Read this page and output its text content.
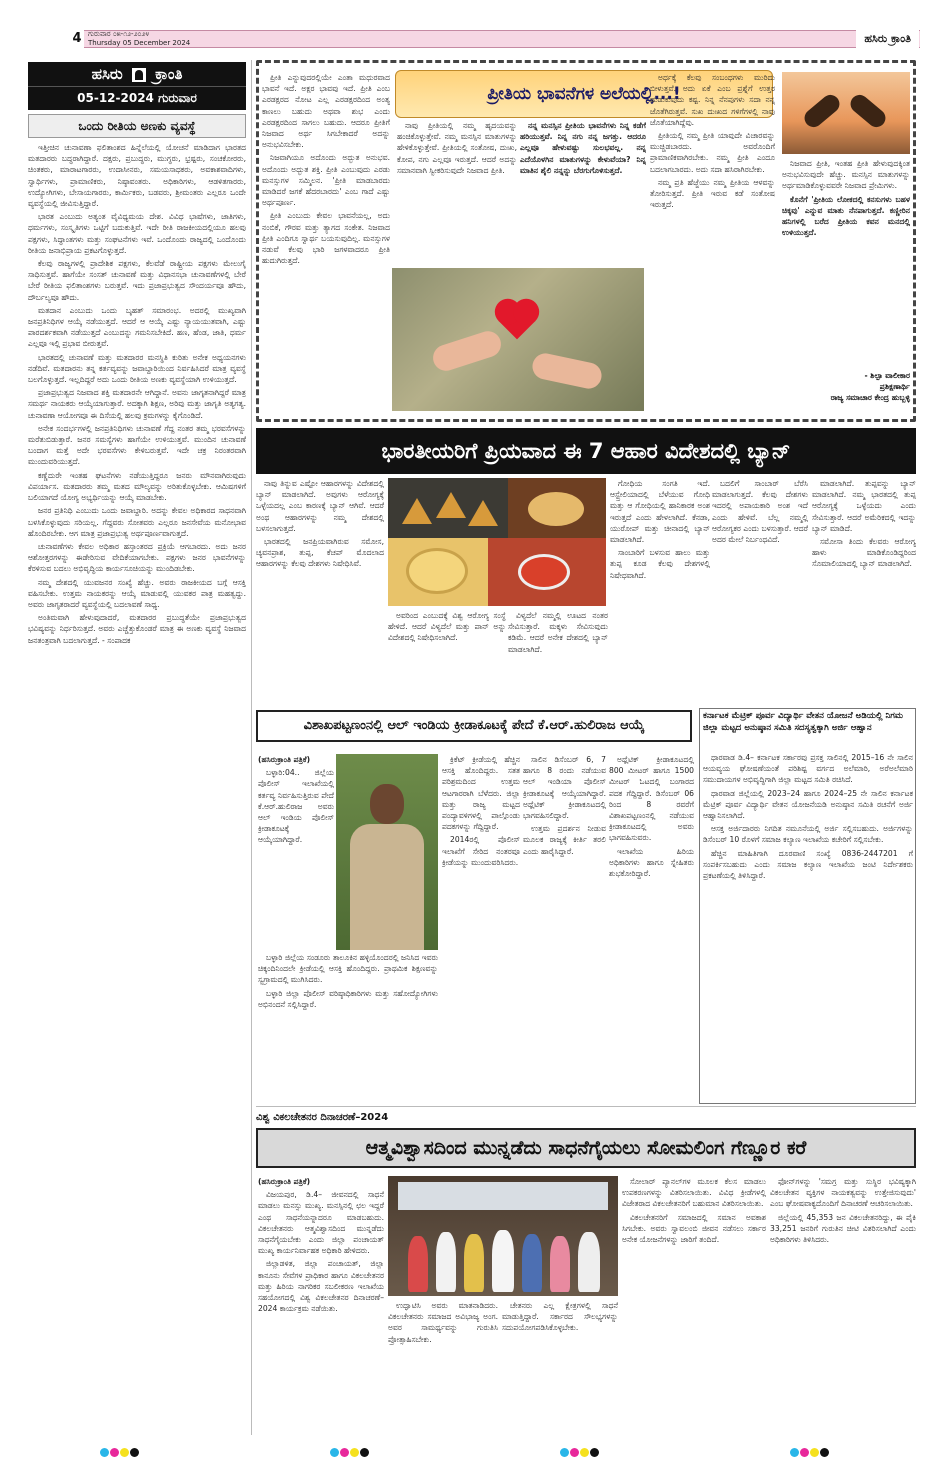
4 ಗುರುವಾರ ೦೫-೧೨-೨೦೨೪
Thursday 05 December 2024	ಹಸಿರು ಕ್ರಾಂತಿ
ಹಸಿರು ಕ್ರಾಂತಿ
05-12-2024 ಗುರುವಾರ
ಒಂದು ರೀತಿಯ ಅಣಕು ವ್ಯವಸ್ಥೆ

ಇತ್ತೀಚಿನ ಚುನಾವಣಾ ಫಲಿತಾಂಶದ ಹಿನ್ನೆಲೆಯಲ್ಲಿ ಯೋಚನೆ ಮಾಡಿದಾಗ ಭಾರತದ ಮತದಾರರು ಬದ್ಧರಾಗಿದ್ದಾರೆ. ದಕ್ಷರು, ಪ್ರಬುದ್ಧರು, ಮುಗ್ಧರು, ಭ್ರಷ್ಟರು, ಸಂಚಕೋರರು, ಚಿಂತಕರು, ಮಾರಾಟಗಾರರು, ಉದಾಸೀನರು, ಸಮಯಸಾಧಕರು, ಅವಕಾಶವಾದಿಗಳು, ಸ್ವಾರ್ಥಿಗಳು, ಪ್ರಾಮಾಣಿಕರು, ನಿಷ್ಠಾವಂತರು. ಅಧಿಕಾರಿಗಳು, ಆಡಳಿತಗಾರರು, ಉದ್ಯೋಗಿಗಳು, ಬೇಸಾಯಗಾರರು, ಕಾರ್ಮಿಕರು, ಬಡವರು, ಶ್ರೀಮಂತರು ಎಲ್ಲರೂ ಒಂದೇ ವ್ಯವಸ್ಥೆಯಲ್ಲಿ ಜೀವಿಸುತ್ತಿದ್ದಾರೆ.

ಭಾರತ ಎಂಬುದು ಅತ್ಯಂತ ವೈವಿಧ್ಯಮಯ ದೇಶ. ವಿವಿಧ ಭಾಷೆಗಳು, ಜಾತಿಗಳು, ಧರ್ಮಗಳು, ಸಂಸ್ಕೃತಿಗಳು ಒಟ್ಟಿಗೆ ಬದುಕುತ್ತಿವೆ. ಇದೇ ರೀತಿ ರಾಜಕೀಯದಲ್ಲಿಯೂ ಹಲವು ಪಕ್ಷಗಳು, ಸಿದ್ಧಾಂತಗಳು ಮತ್ತು ಸಂಘಟನೆಗಳು ಇವೆ. ಒಂದೊಂದು ರಾಜ್ಯದಲ್ಲಿ ಒಂದೊಂದು ರೀತಿಯ ಜನಾಭಿಪ್ರಾಯ ಪ್ರಕಟಗೊಳ್ಳುತ್ತದೆ.

ಕೆಲವು ರಾಜ್ಯಗಳಲ್ಲಿ ಪ್ರಾದೇಶಿಕ ಪಕ್ಷಗಳು, ಕೆಲವೆಡೆ ರಾಷ್ಟ್ರೀಯ ಪಕ್ಷಗಳು ಮೇಲುಗೈ ಸಾಧಿಸುತ್ತವೆ. ಹಾಗೆಯೇ ಸಂಸತ್ ಚುನಾವಣೆ ಮತ್ತು ವಿಧಾನಸಭಾ ಚುನಾವಣೆಗಳಲ್ಲಿ ಬೇರೆ ಬೇರೆ ರೀತಿಯ ಫಲಿತಾಂಶಗಳು ಬರುತ್ತವೆ. ಇದು ಪ್ರಜಾಪ್ರಭುತ್ವದ ಸೌಂದರ್ಯವೂ ಹೌದು, ದೌರ್ಬಲ್ಯವೂ ಹೌದು.

ಮತದಾನ ಎಂಬುದು ಒಂದು ಬೃಹತ್ ಸಮಾರಂಭ. ಅದರಲ್ಲಿ ಮುಖ್ಯವಾಗಿ ಜನಪ್ರತಿನಿಧಿಗಳ ಆಯ್ಕೆ ನಡೆಯುತ್ತದೆ. ಆದರೆ ಆ ಆಯ್ಕೆ ಎಷ್ಟು ನ್ಯಾಯಯುತವಾಗಿ, ಎಷ್ಟು ಪಾರದರ್ಶಕವಾಗಿ ನಡೆಯುತ್ತದೆ ಎಂಬುದನ್ನು ಗಮನಿಸಬೇಕಿದೆ. ಹಣ, ಹೆಂಡ, ಜಾತಿ, ಧರ್ಮ ಎಲ್ಲವೂ ಇಲ್ಲಿ ಪ್ರಭಾವ ಬೀರುತ್ತವೆ.

ಭಾರತದಲ್ಲಿ ಚುನಾವಣೆ ಮತ್ತು ಮತದಾರರ ಮನಸ್ಥಿತಿ ಕುರಿತು ಅನೇಕ ಅಧ್ಯಯನಗಳು ನಡೆದಿವೆ. ಮತದಾರನು ತನ್ನ ಕರ್ತವ್ಯವನ್ನು ಜವಾಬ್ದಾರಿಯಿಂದ ನಿರ್ವಹಿಸಿದರೆ ಮಾತ್ರ ವ್ಯವಸ್ಥೆ ಬಲಗೊಳ್ಳುತ್ತದೆ. ಇಲ್ಲದಿದ್ದರೆ ಅದು ಒಂದು ರೀತಿಯ ಅಣಕು ವ್ಯವಸ್ಥೆಯಾಗಿ ಉಳಿಯುತ್ತದೆ.

ಪ್ರಜಾಪ್ರಭುತ್ವದ ನಿಜವಾದ ಶಕ್ತಿ ಮತದಾರನೇ ಆಗಿದ್ದಾನೆ. ಅವನು ಜಾಗೃತನಾಗಿದ್ದರೆ ಮಾತ್ರ ಸಮರ್ಥ ನಾಯಕರು ಆಯ್ಕೆಯಾಗುತ್ತಾರೆ. ಅದಕ್ಕಾಗಿ ಶಿಕ್ಷಣ, ಅರಿವು ಮತ್ತು ಜಾಗೃತಿ ಅತ್ಯಗತ್ಯ. ಚುನಾವಣಾ ಆಯೋಗವೂ ಈ ದಿಸೆಯಲ್ಲಿ ಹಲವು ಕ್ರಮಗಳನ್ನು ಕೈಗೊಂಡಿದೆ.

ಅನೇಕ ಸಂದರ್ಭಗಳಲ್ಲಿ ಜನಪ್ರತಿನಿಧಿಗಳು ಚುನಾವಣೆ ಗೆದ್ದ ನಂತರ ತಮ್ಮ ಭರವಸೆಗಳನ್ನು ಮರೆತುಬಿಡುತ್ತಾರೆ. ಜನರ ಸಮಸ್ಯೆಗಳು ಹಾಗೆಯೇ ಉಳಿಯುತ್ತವೆ. ಮುಂದಿನ ಚುನಾವಣೆ ಬಂದಾಗ ಮತ್ತೆ ಅದೇ ಭರವಸೆಗಳು ಕೇಳಿಬರುತ್ತವೆ. ಇದೇ ಚಕ್ರ ನಿರಂತರವಾಗಿ ಮುಂದುವರಿಯುತ್ತದೆ.

ಕಣ್ಣೆದುರೇ ಇಂತಹ ಘಟನೆಗಳು ನಡೆಯುತ್ತಿದ್ದರೂ ಜನರು ಮೌನವಾಗಿರುವುದು ವಿಪರ್ಯಾಸ. ಮತದಾರರು ತಮ್ಮ ಮತದ ಮೌಲ್ಯವನ್ನು ಅರಿತುಕೊಳ್ಳಬೇಕು. ಆಮಿಷಗಳಿಗೆ ಬಲಿಯಾಗದೆ ಯೋಗ್ಯ ಅಭ್ಯರ್ಥಿಯನ್ನು ಆಯ್ಕೆ ಮಾಡಬೇಕು.

ಜನರ ಪ್ರತಿನಿಧಿ ಎಂಬುದು ಒಂದು ಜವಾಬ್ದಾರಿ. ಅದನ್ನು ಕೇವಲ ಅಧಿಕಾರದ ಸಾಧನವಾಗಿ ಬಳಸಿಕೊಳ್ಳುವುದು ಸರಿಯಲ್ಲ. ಗೆದ್ದವರು ಸೋತವರು ಎಲ್ಲರೂ ಜನಸೇವೆಯ ಮನೋಭಾವ ಹೊಂದಿರಬೇಕು. ಆಗ ಮಾತ್ರ ಪ್ರಜಾಪ್ರಭುತ್ವ ಅರ್ಥಪೂರ್ಣವಾಗುತ್ತದೆ.

ಚುನಾವಣೆಗಳು ಕೇವಲ ಅಧಿಕಾರ ಹಸ್ತಾಂತರದ ಪ್ರಕ್ರಿಯೆ ಆಗಬಾರದು. ಅದು ಜನರ ಆಶೋತ್ತರಗಳನ್ನು ಈಡೇರಿಸುವ ವೇದಿಕೆಯಾಗಬೇಕು. ಪಕ್ಷಗಳು ಜನರ ಭಾವನೆಗಳನ್ನು ಕೆರಳಿಸುವ ಬದಲು ಅಭಿವೃದ್ಧಿಯ ಕಾರ್ಯಸೂಚಿಯನ್ನು ಮುಂದಿಡಬೇಕು.

ನಮ್ಮ ದೇಶದಲ್ಲಿ ಯುವಜನರ ಸಂಖ್ಯೆ ಹೆಚ್ಚು. ಅವರು ರಾಜಕೀಯದ ಬಗ್ಗೆ ಆಸಕ್ತಿ ವಹಿಸಬೇಕು. ಉತ್ತಮ ನಾಯಕರನ್ನು ಆಯ್ಕೆ ಮಾಡುವಲ್ಲಿ ಯುವಕರ ಪಾತ್ರ ಮಹತ್ವದ್ದು. ಅವರು ಜಾಗೃತರಾದರೆ ವ್ಯವಸ್ಥೆಯಲ್ಲಿ ಬದಲಾವಣೆ ಸಾಧ್ಯ.

ಅಂತಿಮವಾಗಿ ಹೇಳುವುದಾದರೆ, ಮತದಾರರ ಪ್ರಬುದ್ಧತೆಯೇ ಪ್ರಜಾಪ್ರಭುತ್ವದ ಭವಿಷ್ಯವನ್ನು ನಿರ್ಧರಿಸುತ್ತದೆ. ಅವರು ಎಚ್ಚೆತ್ತುಕೊಂಡರೆ ಮಾತ್ರ ಈ ಅಣಕು ವ್ಯವಸ್ಥೆ ನಿಜವಾದ ಜನತಂತ್ರವಾಗಿ ಬದಲಾಗುತ್ತದೆ. - ಸಂಪಾದಕ

ಪ್ರೀತಿಯ ಭಾವನೆಗಳ ಅಲೆಯಲ್ಲಿ...!

ಪ್ರೀತಿ ಎನ್ನುವುದರಲ್ಲಿಯೇ ಎಂತಾ ಮಧುರವಾದ ಭಾವನೆ ಇದೆ. ಅಕ್ಷರ ಭಾವವು ಇದೆ. ಪ್ರೀತಿ ಎಂಬ ಎರಡಕ್ಷರದ ನೋಟ ಎಲ್ಲ ಎರಡಕ್ಷರದಿಂದ ಅಂತ್ಯ ಕಾಣಲು ಬಹುದು ಅಥವಾ ಶುಭ ಎಂದು ಎರಡಕ್ಷರದಿಂದ ಸಾಗಲು ಬಹುದು. ಆದರೂ ಪ್ರೀತಿಗೆ ನಿಜವಾದ ಅರ್ಥ ಸಿಗಬೇಕಾದರೆ ಅದನ್ನು ಅನುಭವಿಸಬೇಕು.

ನಿಜವಾಗಿಯೂ ಅದೊಂದು ಅದ್ಭುತ ಅನುಭವ. ಅದೊಂದು ಅದ್ಭುತ ಶಕ್ತಿ. ಪ್ರೀತಿ ಎಂಬುವುದು ಎರಡು ಮನಸ್ಸುಗಳ ಸಮ್ಮಿಲನ. 'ಪ್ರೀತಿ ಮಾಡಬಾರದು ಮಾಡಿದರೆ ಜಗಕೆ ಹೆದರಬಾರದು' ಎಂಬ ಗಾದೆ ಎಷ್ಟು ಅರ್ಥಪೂರ್ಣ.

ಪ್ರೀತಿ ಎಂಬುದು ಕೇವಲ ಭಾವನೆಯಲ್ಲ, ಅದು ನಂಬಿಕೆ, ಗೌರವ ಮತ್ತು ತ್ಯಾಗದ ಸಂಕೇತ. ನಿಜವಾದ ಪ್ರೀತಿ ಎಂದಿಗೂ ಸ್ವಾರ್ಥ ಬಯಸುವುದಿಲ್ಲ. ಮನಸ್ಸುಗಳ ನಡುವೆ ಕೆಲವು ಭಾರಿ ಜಗಳವಾದರೂ ಪ್ರೀತಿ ಹುದುಗಿರುತ್ತದೆ.

ನಾವು ಪ್ರೀತಿಯಲ್ಲಿ ನಮ್ಮ ಹೃದಯವನ್ನು ಹಂಚಿಕೊಳ್ಳುತ್ತೇವೆ. ನಮ್ಮ ಮನಸ್ಸಿನ ಮಾತುಗಳನ್ನು ಹೇಳಿಕೊಳ್ಳುತ್ತೇವೆ. ಪ್ರೀತಿಯಲ್ಲಿ ಸಂತೋಷ, ದುಃಖ, ಕೋಪ, ನಗು ಎಲ್ಲವೂ ಇರುತ್ತದೆ. ಆದರೆ ಅದನ್ನು ಸಮಾನವಾಗಿ ಸ್ವೀಕರಿಸುವುದೇ ನಿಜವಾದ ಪ್ರೀತಿ.

ನನ್ನ ಮನಸ್ಸಿನ ಪ್ರೀತಿಯ ಭಾವನೆಗಳು ನಿನ್ನ ಕಡೆಗೆ ಹರಿಯುತ್ತವೆ. ನಿನ್ನ ನಗು ನನ್ನ ಜಗತ್ತು. ಆದರೂ ಎಲ್ಲವೂ ಹೇಳುವಷ್ಟು ಸುಲಭವಲ್ಲ. ನನ್ನ ಎದೆಯೊಳಗಿನ ಮಾತುಗಳನ್ನು ಕೇಳುವೆಯಾ? ನಿನ್ನ ಮಾತಿನ ಶೈಲಿ ನನ್ನನ್ನು ಬೆರಗುಗೊಳಿಸುತ್ತದೆ.

ಅರ್ಧಕ್ಕೆ ಕೆಲವು ಸಂಬಂಧಗಳು ಮುರಿದು ಬೀಳುತ್ತವೆ. ಅದು ಏಕೆ ಎಂಬ ಪ್ರಶ್ನೆಗೆ ಉತ್ತರ ಹುಡುಕುವುದು ಕಷ್ಟ. ನಿನ್ನ ನೆನಪುಗಳು ಸದಾ ನನ್ನ ಜೊತೆಗಿರುತ್ತವೆ. ಸುಖ ದುಃಖದ ಗಳಿಗೆಗಳಲ್ಲಿ ನಾವು ಜೊತೆಯಾಗಿದ್ದೆವು.

ಪ್ರೀತಿಯಲ್ಲಿ ನಮ್ಮ ಪ್ರೀತಿ ಯಾವುದೇ ವಿಚಾರವನ್ನು ಮುಚ್ಚಿಡಬಾರದು. ಅವರೊಂದಿಗೆ ಪ್ರಾಮಾಣಿಕವಾಗಿರಬೇಕು. ನಮ್ಮ ಪ್ರೀತಿ ಎಂದೂ ಬದಲಾಗಬಾರದು. ಅದು ಸದಾ ಹಸಿರಾಗಿರಬೇಕು.

ನಮ್ಮ ಪ್ರತಿ ಹೆಜ್ಜೆಯು ನಮ್ಮ ಪ್ರೀತಿಯ ಆಳವನ್ನು ತೋರಿಸುತ್ತದೆ. ಪ್ರೀತಿ ಇರುವ ಕಡೆ ಸಂತೋಷ ಇರುತ್ತದೆ.

ನಿಜವಾದ ಪ್ರೀತಿ, ಇಂತಹ ಪ್ರೀತಿ ಹೇಳುವುದಕ್ಕಿಂತ ಅನುಭವಿಸುವುದೇ ಹೆಚ್ಚು. ಮನಸ್ಸಿನ ಮಾತುಗಳನ್ನು ಅರ್ಥಮಾಡಿಕೊಳ್ಳುವವರೇ ನಿಜವಾದ ಪ್ರೇಮಿಗಳು.

ಕೊನೆಗೆ 'ಪ್ರೀತಿಯ ಲೋಕದಲ್ಲಿ ಕನಸುಗಳು ಬಹಳ ಚಿಕ್ಕವು' ಎನ್ನುವ ಮಾತು ನೆನಪಾಗುತ್ತದೆ. ಕಣ್ಣೀರಿನ ಹನಿಗಳಲ್ಲಿ ಬರೆದ ಪ್ರೀತಿಯ ಕವನ ಮನದಲ್ಲಿ ಉಳಿಯುತ್ತದೆ.

- ಶಿಲ್ಪಾ ವಾಲೀಕಾರ
ಪ್ರಶಿಕ್ಷಣಾರ್ಥಿ
ರಾಜ್ಯ ಸಮಾಚಾರ ಕೇಂದ್ರ ಹುಬ್ಬಳ್ಳಿ
ಭಾರತೀಯರಿಗೆ ಪ್ರಿಯವಾದ ಈ 7 ಆಹಾರ ವಿದೇಶದಲ್ಲಿ ಬ್ಯಾನ್

ನಾವು ತಿನ್ನುವ ಎಷ್ಟೋ ಆಹಾರಗಳನ್ನು ವಿದೇಶದಲ್ಲಿ ಬ್ಯಾನ್ ಮಾಡಲಾಗಿದೆ. ಅವುಗಳು ಆರೋಗ್ಯಕ್ಕೆ ಒಳ್ಳೆಯದಲ್ಲ ಎಂಬ ಕಾರಣಕ್ಕೆ ಬ್ಯಾನ್ ಆಗಿವೆ. ಆದರೆ ಅಂಥ ಆಹಾರಗಳನ್ನು ನಮ್ಮ ದೇಶದಲ್ಲಿ ಬಳಸಲಾಗುತ್ತದೆ.

ಭಾರತದಲ್ಲಿ ಜನಪ್ರಿಯವಾಗಿರುವ ಸಮೋಸ, ಚ್ಯವನಪ್ರಾಶ, ತುಪ್ಪ, ಕೆಚಪ್ ಮೊದಲಾದ ಆಹಾರಗಳನ್ನು ಕೆಲವು ದೇಶಗಳು ನಿಷೇಧಿಸಿವೆ.

ಅವರಿಂದ ಎಂಬುದಕ್ಕೆ ವಿಶ್ವ ಆರೋಗ್ಯ ಸಂಸ್ಥೆ ಹೇಳಿದೆ. ಆದರೆ ವಿಳ್ಯದೆಲೆ ಮತ್ತು ಪಾನ್ ಅನ್ನು ವಿದೇಶದಲ್ಲಿ ನಿಷೇಧಿಸಲಾಗಿದೆ.

ವಿಳ್ಯದೆಲೆ ನಮ್ಮಲ್ಲಿ ಊಟದ ನಂತರ ಸೇವಿಸುತ್ತಾರೆ. ಮಕ್ಕಳು ಸೇವಿಸುವುದು ಕಡಿಮೆ. ಆದರೆ ಅನೇಕ ದೇಶದಲ್ಲಿ ಬ್ಯಾನ್ ಮಾಡಲಾಗಿದೆ.

ಗೋಧಿಯ ಸಂಗತಿ ಇದೆ. ಆಸ್ಟ್ರೇಲಿಯಾದಲ್ಲಿ ಬೆಳೆಯುವ ಗೋಧಿ ಮತ್ತು ಆ ಗೋಧಿಯಲ್ಲಿ ಹಾನಿಕಾರಕ ಅಂಶ ಇರುತ್ತದೆ ಎಂದು ಹೇಳಲಾಗಿದೆ. ಕೆನಡಾ, ಯುರೋಪ್ ಮತ್ತು ಚೀನಾದಲ್ಲಿ ಬ್ಯಾನ್ ಮಾಡಲಾಗಿದೆ.

ಸಾಂಬಾರಿಗೆ ಬಳಸುವ ಹಾಲು ಮತ್ತು ತುಪ್ಪ ಕೂಡ ಕೆಲವು ದೇಶಗಳಲ್ಲಿ ನಿಷೇಧವಾಗಿದೆ.

ಬದಲಿಗೆ ಸಾಂಬಾರ್ ಬೆರೆಸಿ ಮಾಡಲಾಗುತ್ತದೆ. ಕೆಲವು ದೇಶಗಳು ಇದರಲ್ಲಿ ಅಪಾಯಕಾರಿ ಅಂಶ ಇದೆ ಎಂದು ಹೇಳಿವೆ. ಬೆಲ್ಲ ನಮ್ಮಲ್ಲಿ ಆರೋಗ್ಯಕರ ಎಂದು ಬಳಸುತ್ತಾರೆ. ಆದರೆ ಅದರ ಮೇಲೆ ನಿರ್ಬಂಧವಿದೆ.

ಮಾಡಲಾಗಿದೆ. ತುಪ್ಪವನ್ನು ಬ್ಯಾನ್ ಮಾಡಲಾಗಿದೆ. ನಮ್ಮ ಭಾರತದಲ್ಲಿ ತುಪ್ಪ ಆರೋಗ್ಯಕ್ಕೆ ಒಳ್ಳೆಯದು ಎಂದು ಸೇವಿಸುತ್ತಾರೆ. ಆದರೆ ಅಮೆರಿಕದಲ್ಲಿ ಇದನ್ನು ಬ್ಯಾನ್ ಮಾಡಿದೆ.

ಸಮೋಸಾ ತಿಂದು ಕೆಲವರು ಆರೋಗ್ಯ ಹಾಳು ಮಾಡಿಕೊಂಡಿದ್ದರಿಂದ ಸೊಮಾಲಿಯಾದಲ್ಲಿ ಬ್ಯಾನ್ ಮಾಡಲಾಗಿದೆ.

ವಿಶಾಖಪಟ್ಟಣಂನಲ್ಲಿ ಆಲ್ ಇಂಡಿಯ ಕ್ರೀಡಾಕೂಟಕ್ಕೆ ಪೇದೆ ಕೆ.ಆರ್.ಹುಲಿರಾಜ ಆಯ್ಕೆ

(ಹಸಿರುಕ್ರಾಂತಿ ಪತ್ರಿಕೆ)

ಬಳ್ಳಾರಿ:04.. ಜಿಲ್ಲೆಯ ಪೊಲೀಸ್ ಇಲಾಖೆಯಲ್ಲಿ ಕರ್ತವ್ಯ ನಿರ್ವಹಿಸುತ್ತಿರುವ ಪೇದೆ ಕೆ.ಆರ್.ಹುಲಿರಾಜ ಅವರು ಆಲ್ ಇಂಡಿಯ ಪೊಲೀಸ್ ಕ್ರೀಡಾಕೂಟಕ್ಕೆ ಆಯ್ಕೆಯಾಗಿದ್ದಾರೆ.

ಬಳ್ಳಾರಿ ಜಿಲ್ಲೆಯ ಸಂಡೂರು ತಾಲೂಕಿನ ಹಳ್ಳಿಯೊಂದರಲ್ಲಿ ಜನಿಸಿದ ಇವರು ಚಿಕ್ಕಂದಿನಿಂದಲೇ ಕ್ರೀಡೆಯಲ್ಲಿ ಆಸಕ್ತಿ ಹೊಂದಿದ್ದರು. ಪ್ರಾಥಮಿಕ ಶಿಕ್ಷಣವನ್ನು ಸ್ವಗ್ರಾಮದಲ್ಲಿ ಮುಗಿಸಿದರು.

ಬಳ್ಳಾರಿ ಜಿಲ್ಲಾ ಪೊಲೀಸ್ ವರಿಷ್ಠಾಧಿಕಾರಿಗಳು ಮತ್ತು ಸಹೋದ್ಯೋಗಿಗಳು ಅಭಿನಂದನೆ ಸಲ್ಲಿಸಿದ್ದಾರೆ.

ಕ್ರಿಕೆಟ್ ಕ್ರೀಡೆಯಲ್ಲಿ ಹೆಚ್ಚಿನ ಆಸಕ್ತಿ ಹೊಂದಿದ್ದರು. ಸತತ ಪರಿಶ್ರಮದಿಂದ ಉತ್ತಮ ಆಟಗಾರರಾಗಿ ಬೆಳೆದರು. ಜಿಲ್ಲಾ ಮತ್ತು ರಾಜ್ಯ ಮಟ್ಟದ ಪಂದ್ಯಾವಳಿಗಳಲ್ಲಿ ಪಾಲ್ಗೊಂಡು ಪದಕಗಳನ್ನು ಗೆದ್ದಿದ್ದಾರೆ.

2014ರಲ್ಲಿ ಪೊಲೀಸ್ ಇಲಾಖೆಗೆ ಸೇರಿದ ನಂತರವೂ ಕ್ರೀಡೆಯನ್ನು ಮುಂದುವರಿಸಿದರು.

ಸಾಲಿನ ಡಿಸೆಂಬರ್ 6, 7 ಹಾಗೂ 8 ರಂದು ನಡೆಯುವ ಆಲ್ ಇಂಡಿಯಾ ಪೊಲೀಸ್ ಕ್ರೀಡಾಕೂಟಕ್ಕೆ ಆಯ್ಕೆಯಾಗಿದ್ದಾರೆ. ಅಥ್ಲೆಟಿಕ್ ಕ್ರೀಡಾಕೂಟದಲ್ಲಿ ಭಾಗವಹಿಸಲಿದ್ದಾರೆ.

ಉತ್ತಮ ಪ್ರದರ್ಶನ ನೀಡುವ ಮೂಲಕ ರಾಜ್ಯಕ್ಕೆ ಕೀರ್ತಿ ತರಲಿ ಎಂದು ಹಾರೈಸಿದ್ದಾರೆ.

ಅಥ್ಲೆಟಿಕ್ ಕ್ರೀಡಾಕೂಟದಲ್ಲಿ 800 ಮೀಟರ್ ಹಾಗೂ 1500 ಮೀಟರ್ ಓಟದಲ್ಲಿ ಬಂಗಾರದ ಪದಕ ಗೆದ್ದಿದ್ದಾರೆ. ಡಿಸೆಂಬರ್ 06 ರಿಂದ 8 ರವರೆಗೆ ವಿಶಾಖಪಟ್ಟಣಂನಲ್ಲಿ ನಡೆಯುವ ಕ್ರೀಡಾಕೂಟದಲ್ಲಿ ಅವರು ಭಾಗವಹಿಸುವರು.

ಇಲಾಖೆಯ ಹಿರಿಯ ಅಧಿಕಾರಿಗಳು ಹಾಗೂ ಸ್ನೇಹಿತರು ಶುಭಕೋರಿದ್ದಾರೆ.

ಕರ್ನಾಟಕ ಮೆಟ್ರಿಕ್ ಪೂರ್ವ ವಿದ್ಯಾರ್ಥಿ ವೇತನ ಯೋಜನೆ ಅಡಿಯಲ್ಲಿ ನಿಗಮ ಜಿಲ್ಲಾ ಮಟ್ಟದ ಅನುಷ್ಠಾನ ಸಮಿತಿ ಸದಸ್ಯತ್ವಕ್ಕಾಗಿ ಅರ್ಜಿ ಆಹ್ವಾನ

ಧಾರವಾಡ ಡಿ.4– ಕರ್ನಾಟಕ ಸರ್ಕಾರವು ಪ್ರಸಕ್ತ ಸಾಲಿನಲ್ಲಿ 2015–16 ನೇ ಸಾಲಿನ ಆಯವ್ಯಯ ಘೋಷಣೆಯಂತೆ ಪರಿಶಿಷ್ಟ ವರ್ಗದ ಅಲೆಮಾರಿ, ಅರೆಅಲೆಮಾರಿ ಸಮುದಾಯಗಳ ಅಭಿವೃದ್ಧಿಗಾಗಿ ಜಿಲ್ಲಾ ಮಟ್ಟದ ಸಮಿತಿ ರಚಿಸಿದೆ.

ಧಾರವಾಡ ಜಿಲ್ಲೆಯಲ್ಲಿ 2023–24 ಹಾಗೂ 2024–25 ನೇ ಸಾಲಿನ ಕರ್ನಾಟಕ ಮೆಟ್ರಿಕ್ ಪೂರ್ವ ವಿದ್ಯಾರ್ಥಿ ವೇತನ ಯೋಜನೆಯಡಿ ಅನುಷ್ಠಾನ ಸಮಿತಿ ರಚನೆಗೆ ಅರ್ಜಿ ಆಹ್ವಾನಿಸಲಾಗಿದೆ.

ಆಸಕ್ತ ಅರ್ಜಿದಾರರು ನಿಗದಿತ ನಮೂನೆಯಲ್ಲಿ ಅರ್ಜಿ ಸಲ್ಲಿಸಬಹುದು. ಅರ್ಜಿಗಳನ್ನು ಡಿಸೆಂಬರ್ 10 ರೊಳಗೆ ಸಮಾಜ ಕಲ್ಯಾಣ ಇಲಾಖೆಯ ಕಚೇರಿಗೆ ಸಲ್ಲಿಸಬೇಕು.

ಹೆಚ್ಚಿನ ಮಾಹಿತಿಗಾಗಿ ದೂರವಾಣಿ ಸಂಖ್ಯೆ 0836-2447201 ಗೆ ಸಂಪರ್ಕಿಸಬಹುದು ಎಂದು ಸಮಾಜ ಕಲ್ಯಾಣ ಇಲಾಖೆಯ ಜಂಟಿ ನಿರ್ದೇಶಕರು ಪ್ರಕಟಣೆಯಲ್ಲಿ ತಿಳಿಸಿದ್ದಾರೆ.

ವಿಶ್ವ ವಿಕಲಚೇತನರ ದಿನಾಚರಣೆ–2024
ಆತ್ಮವಿಶ್ವಾಸದಿಂದ ಮುನ್ನಡೆದು ಸಾಧನೆಗೈಯಲು ಸೋಮಲಿಂಗ ಗೆಣ್ಣೂರ ಕರೆ

(ಹಸಿರುಕ್ರಾಂತಿ ಪತ್ರಿಕೆ)

ವಿಜಯಪುರ, ಡಿ.4– ಜೀವನದಲ್ಲಿ ಸಾಧನೆ ಮಾಡಲು ಮನಸ್ಸು ಮುಖ್ಯ. ಮನಸ್ಸಿನಲ್ಲಿ ಛಲ ಇದ್ದರೆ ಎಂಥ ಸಾಧನೆಯನ್ನಾದರೂ ಮಾಡಬಹುದು. ವಿಕಲಚೇತನರು ಆತ್ಮವಿಶ್ವಾಸದಿಂದ ಮುನ್ನಡೆದು ಸಾಧನೆಗೈಯಬೇಕು ಎಂದು ಜಿಲ್ಲಾ ಪಂಚಾಯತ್ ಮುಖ್ಯ ಕಾರ್ಯನಿರ್ವಾಹಕ ಅಧಿಕಾರಿ ಹೇಳಿದರು.

ಜಿಲ್ಲಾಡಳಿತ, ಜಿಲ್ಲಾ ಪಂಚಾಯತ್, ಜಿಲ್ಲಾ ಕಾನೂನು ಸೇವೆಗಳ ಪ್ರಾಧಿಕಾರ ಹಾಗೂ ವಿಕಲಚೇತನರ ಮತ್ತು ಹಿರಿಯ ನಾಗರಿಕರ ಸಬಲೀಕರಣ ಇಲಾಖೆಯ ಸಹಯೋಗದಲ್ಲಿ ವಿಶ್ವ ವಿಕಲಚೇತನರ ದಿನಾಚರಣೆ–2024 ಕಾರ್ಯಕ್ರಮ ನಡೆಯಿತು.	ಉದ್ಘಾಟಿಸಿ ಅವರು ಮಾತನಾಡಿದರು. ವಿಕಲಚೇತನರು ಸಮಾಜದ ಅವಿಭಾಜ್ಯ ಅಂಗ. ಅವರ ಸಾಮರ್ಥ್ಯವನ್ನು ಗುರುತಿಸಿ ಪ್ರೋತ್ಸಾಹಿಸಬೇಕು.

ಚೇತನರು ಎಲ್ಲ ಕ್ಷೇತ್ರಗಳಲ್ಲಿ ಸಾಧನೆ ಮಾಡುತ್ತಿದ್ದಾರೆ. ಸರ್ಕಾರದ ಸೌಲಭ್ಯಗಳನ್ನು ಸದುಪಯೋಗಪಡಿಸಿಕೊಳ್ಳಬೇಕು.

ಸೋಲಾರ್ ಪ್ಯಾನಲ್‌ಗಳ ಮೂಲಕ ಕೆಲಸ ಮಾಡಲು ಉಪಕರಣಗಳನ್ನು ವಿತರಿಸಲಾಯಿತು. ವಿವಿಧ ಕ್ರೀಡೆಗಳಲ್ಲಿ ವಿಜೇತರಾದ ವಿಕಲಚೇತನರಿಗೆ ಬಹುಮಾನ ವಿತರಿಸಲಾಯಿತು.

ವಿಕಲಚೇತನರಿಗೆ ಸಮಾಜದಲ್ಲಿ ಸಮಾನ ಅವಕಾಶ ಸಿಗಬೇಕು. ಅವರು ಸ್ವಾವಲಂಬಿ ಜೀವನ ನಡೆಸಲು ಸರ್ಕಾರ ಅನೇಕ ಯೋಜನೆಗಳನ್ನು ಜಾರಿಗೆ ತಂದಿದೆ.

ಫೋನ್‌ಗಳನ್ನು 'ಸಮಗ್ರ ಮತ್ತು ಸುಸ್ಥಿರ ಭವಿಷ್ಯಕ್ಕಾಗಿ ವಿಕಲಚೇತನ ವ್ಯಕ್ತಿಗಳ ನಾಯಕತ್ವವನ್ನು ಉತ್ತೇಜಿಸುವುದು' ಎಂಬ ಘೋಷವಾಕ್ಯದೊಂದಿಗೆ ದಿನಾಚರಣೆ ಆಚರಿಸಲಾಯಿತು.

ಜಿಲ್ಲೆಯಲ್ಲಿ 45,353 ಜನ ವಿಕಲಚೇತನರಿದ್ದು, ಈ ಪೈಕಿ 33,251 ಜನರಿಗೆ ಗುರುತಿನ ಚೀಟಿ ವಿತರಿಸಲಾಗಿದೆ ಎಂದು ಅಧಿಕಾರಿಗಳು ತಿಳಿಸಿದರು.
